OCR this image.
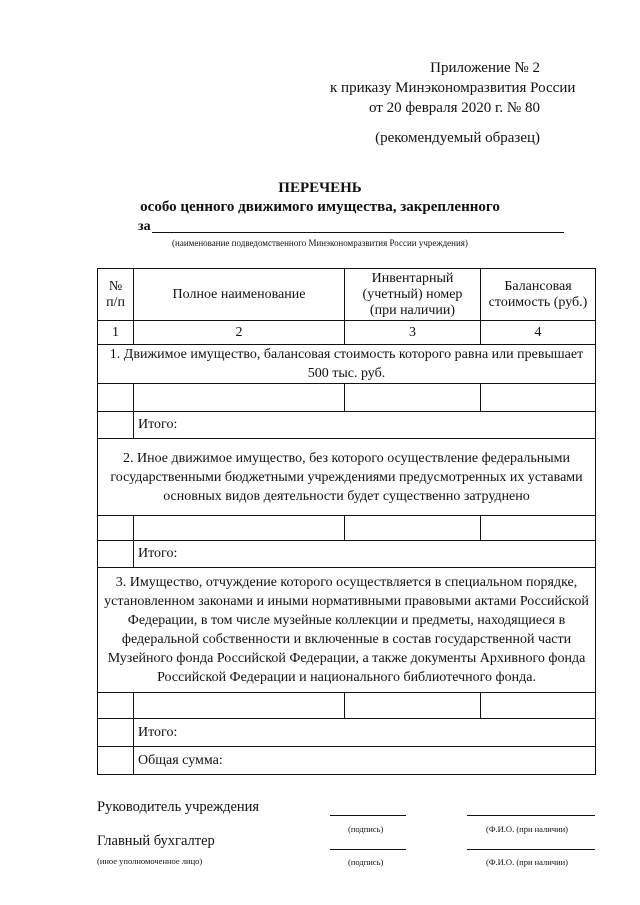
Приложение № 2
к приказу Минэкономразвития России
от 20 февраля 2020 г. № 80
(рекомендуемый образец)
ПЕРЕЧЕНЬ
особо ценного движимого имущества, закрепленного
за
(наименование подведомственного Минэкономразвития России учреждения)
№ п/п	Полное наименование	Инвентарный (учетный) номер (при наличии)	Балансовая стоимость (руб.)
1	2	3	4
1. Движимое имущество, балансовая стоимость которого равна или превышает 500 тыс. руб.			

	Итого:		
2. Иное движимое имущество, без которого осуществление федеральными государственными бюджетными учреждениями предусмотренных их уставами основных видов деятельности будет существенно затруднено			

	Итого:		
3. Имущество, отчуждение которого осуществляется в специальном порядке, установленном законами и иными нормативными правовыми актами Российской Федерации, в том числе музейные коллекции и предметы, находящиеся в федеральной собственности и включенные в состав государственной части Музейного фонда Российской Федерации, а также документы Архивного фонда Российской Федерации и национального библиотечного фонда.			

	Итого:		
	Общая сумма:		
Руководитель учреждения
(подпись)	(Ф.И.О. (при наличии)
Главный бухгалтер
(иное уполномоченное лицо)	(подпись)	(Ф.И.О. (при наличии)
